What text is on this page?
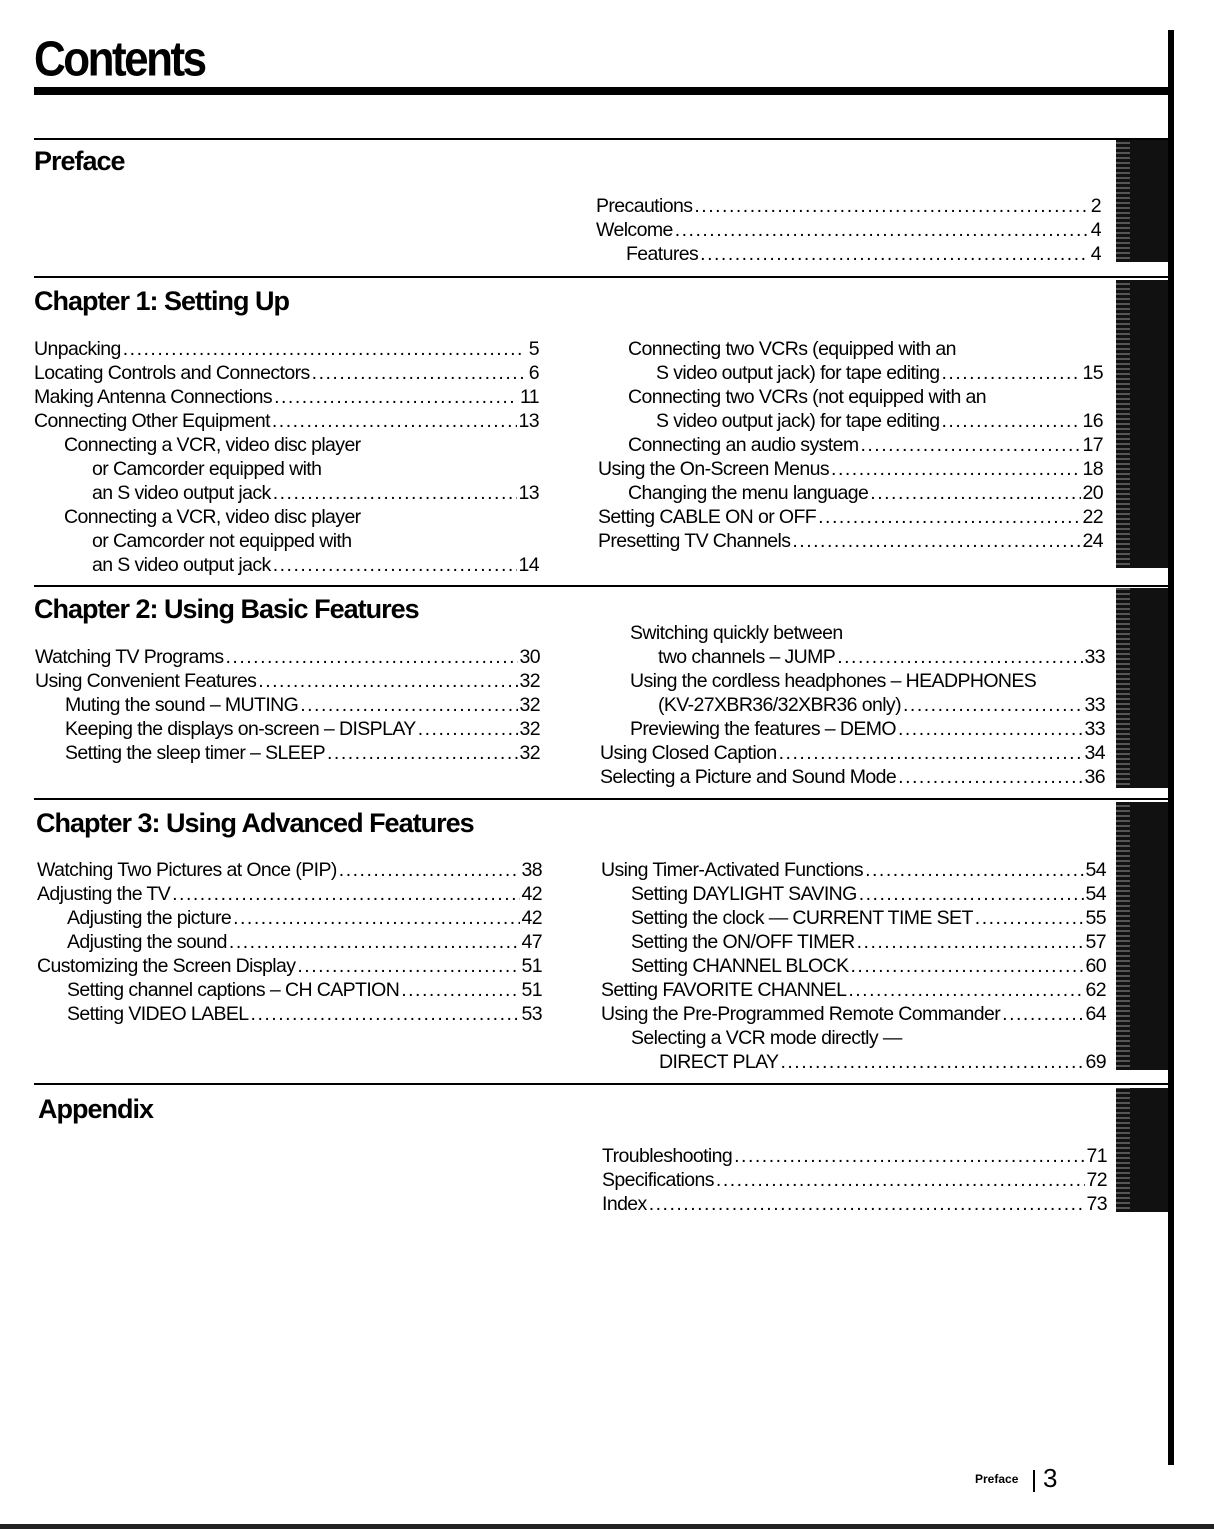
Contents
Preface
Chapter 1: Setting Up
Chapter 2: Using Basic Features
Chapter 3: Using Advanced Features
Appendix
Precautions .....	2
Welcome .....	4
Features .....	4
Unpacking .....	5
Locating Controls and Connectors .....	6
Making Antenna Connections .....	11
Connecting Other Equipment .....	13
Connecting a VCR, video disc player
or Camcorder equipped with
an S video output jack .....	13
Connecting a VCR, video disc player
or Camcorder not equipped with
an S video output jack .....	14
Connecting two VCRs (equipped with an
S video output jack) for tape editing .....	15
Connecting two VCRs (not equipped with an
S video output jack) for tape editing .....	16
Connecting an audio system .....	17
Using the On-Screen Menus .....	18
Changing the menu language .....	20
Setting CABLE ON or OFF .....	22
Presetting TV Channels .....	24
Watching TV Programs .....	30
Using Convenient Features .....	32
Muting the sound – MUTING .....	32
Keeping the displays on-screen – DISPLAY .....	32
Setting the sleep timer – SLEEP .....	32
Switching quickly between
two channels – JUMP .....	33
Using the cordless headphones – HEADPHONES
(KV-27XBR36/32XBR36 only) .....	33
Previewing the features – DEMO .....	33
Using Closed Caption .....	34
Selecting a Picture and Sound Mode .....	36
Watching Two Pictures at Once (PIP) .....	38
Adjusting the TV .....	42
Adjusting the picture .....	42
Adjusting the sound .....	47
Customizing the Screen Display .....	51
Setting channel captions – CH CAPTION .....	51
Setting VIDEO LABEL .....	53
Using Timer-Activated Functions .....	54
Setting DAYLIGHT SAVING .....	54
Setting the clock — CURRENT TIME SET .....	55
Setting the ON/OFF TIMER .....	57
Setting CHANNEL BLOCK .....	60
Setting FAVORITE CHANNEL .....	62
Using the Pre-Programmed Remote Commander .....	64
Selecting a VCR mode directly —
DIRECT PLAY .....	69
Troubleshooting .....	71
Specifications .....	72
Index .....	73
Preface 3
